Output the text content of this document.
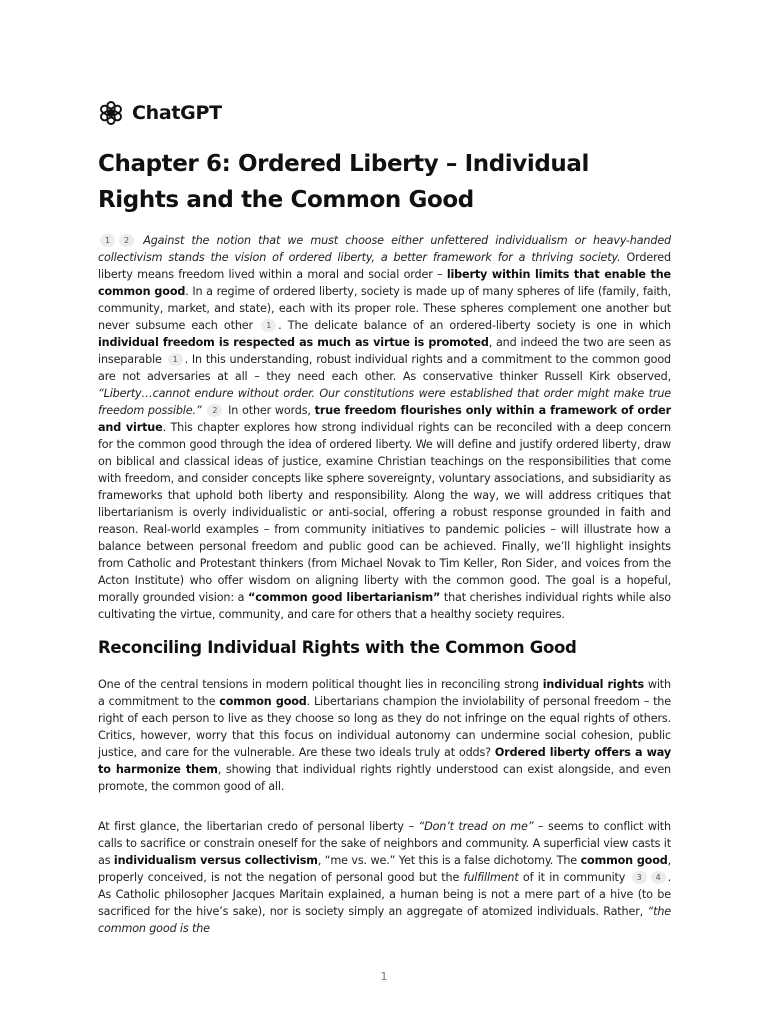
ChatGPT
Chapter 6: Ordered Liberty – Individual Rights and the Common Good

1 2 Against the notion that we must choose either unfettered individualism or heavy-handed collectivism stands the vision of ordered liberty, a better framework for a thriving society. Ordered liberty means freedom lived within a moral and social order – liberty within limits that enable the common good. In a regime of ordered liberty, society is made up of many spheres of life (family, faith, community, market, and state), each with its proper role. These spheres complement one another but never subsume each other 1 . The delicate balance of an ordered-liberty society is one in which individual freedom is respected as much as virtue is promoted, and indeed the two are seen as inseparable 1 . In this understanding, robust individual rights and a commitment to the common good are not adversaries at all – they need each other. As conservative thinker Russell Kirk observed, “Liberty…cannot endure without order. Our constitutions were established that order might make true freedom possible.” 2 In other words, true freedom flourishes only within a framework of order and virtue. This chapter explores how strong individual rights can be reconciled with a deep concern for the common good through the idea of ordered liberty. We will define and justify ordered liberty, draw on biblical and classical ideas of justice, examine Christian teachings on the responsibilities that come with freedom, and consider concepts like sphere sovereignty, voluntary associations, and subsidiarity as frameworks that uphold both liberty and responsibility. Along the way, we will address critiques that libertarianism is overly individualistic or anti-social, offering a robust response grounded in faith and reason. Real-world examples – from community initiatives to pandemic policies – will illustrate how a balance between personal freedom and public good can be achieved. Finally, we’ll highlight insights from Catholic and Protestant thinkers (from Michael Novak to Tim Keller, Ron Sider, and voices from the Acton Institute) who offer wisdom on aligning liberty with the common good. The goal is a hopeful, morally grounded vision: a “common good libertarianism” that cherishes individual rights while also cultivating the virtue, community, and care for others that a healthy society requires.

Reconciling Individual Rights with the Common Good

One of the central tensions in modern political thought lies in reconciling strong individual rights with a commitment to the common good. Libertarians champion the inviolability of personal freedom – the right of each person to live as they choose so long as they do not infringe on the equal rights of others. Critics, however, worry that this focus on individual autonomy can undermine social cohesion, public justice, and care for the vulnerable. Are these two ideals truly at odds? Ordered liberty offers a way to harmonize them, showing that individual rights rightly understood can exist alongside, and even promote, the common good of all.

At first glance, the libertarian credo of personal liberty – “Don’t tread on me” – seems to conflict with calls to sacrifice or constrain oneself for the sake of neighbors and community. A superficial view casts it as individualism versus collectivism, “me vs. we.” Yet this is a false dichotomy. The common good, properly conceived, is not the negation of personal good but the fulfillment of it in community 3 4 . As Catholic philosopher Jacques Maritain explained, a human being is not a mere part of a hive (to be sacrificed for the hive’s sake), nor is society simply an aggregate of atomized individuals. Rather, “the common good is the

1
